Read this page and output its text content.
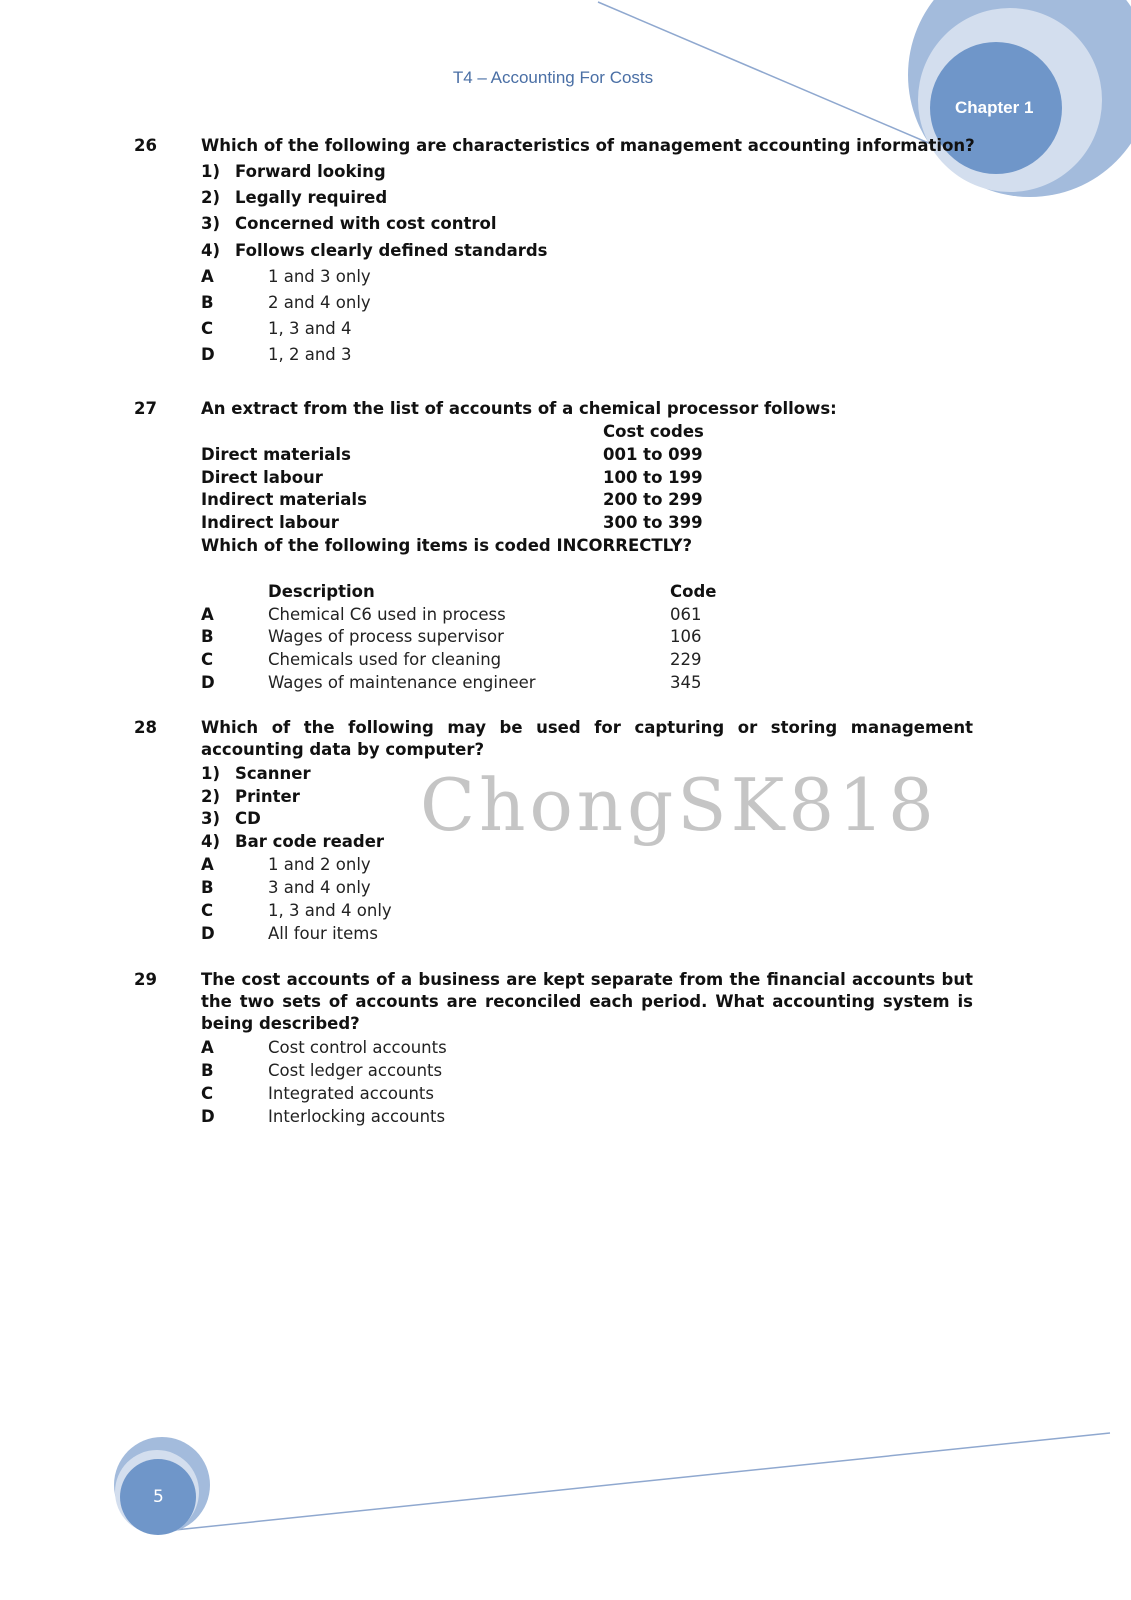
T4 – Accounting For Costs
Chapter 1
5
ChongSK818
26	Which of the following are characteristics of management accounting information?
1) Forward looking
2) Legally required
3) Concerned with cost control
4) Follows clearly defined standards
A	1 and 3 only
B	2 and 4 only
C	1, 3 and 4
D	1, 2 and 3
27	An extract from the list of accounts of a chemical processor follows:
Cost codes
Direct materials	001 to 099
Direct labour	100 to 199
Indirect materials	200 to 299
Indirect labour	300 to 399
Which of the following items is coded INCORRECTLY?
Description	Code
A	Chemical C6 used in process	061
B	Wages of process supervisor	106
C	Chemicals used for cleaning	229
D	Wages of maintenance engineer	345
28	Which of the following may be used for capturing or storing management accounting data by computer?
1) Scanner
2) Printer
3) CD
4) Bar code reader
A	1 and 2 only
B	3 and 4 only
C	1, 3 and 4 only
D	All four items
29	The cost accounts of a business are kept separate from the financial accounts but the two sets of accounts are reconciled each period. What accounting system is being described?
A	Cost control accounts
B	Cost ledger accounts
C	Integrated accounts
D	Interlocking accounts
